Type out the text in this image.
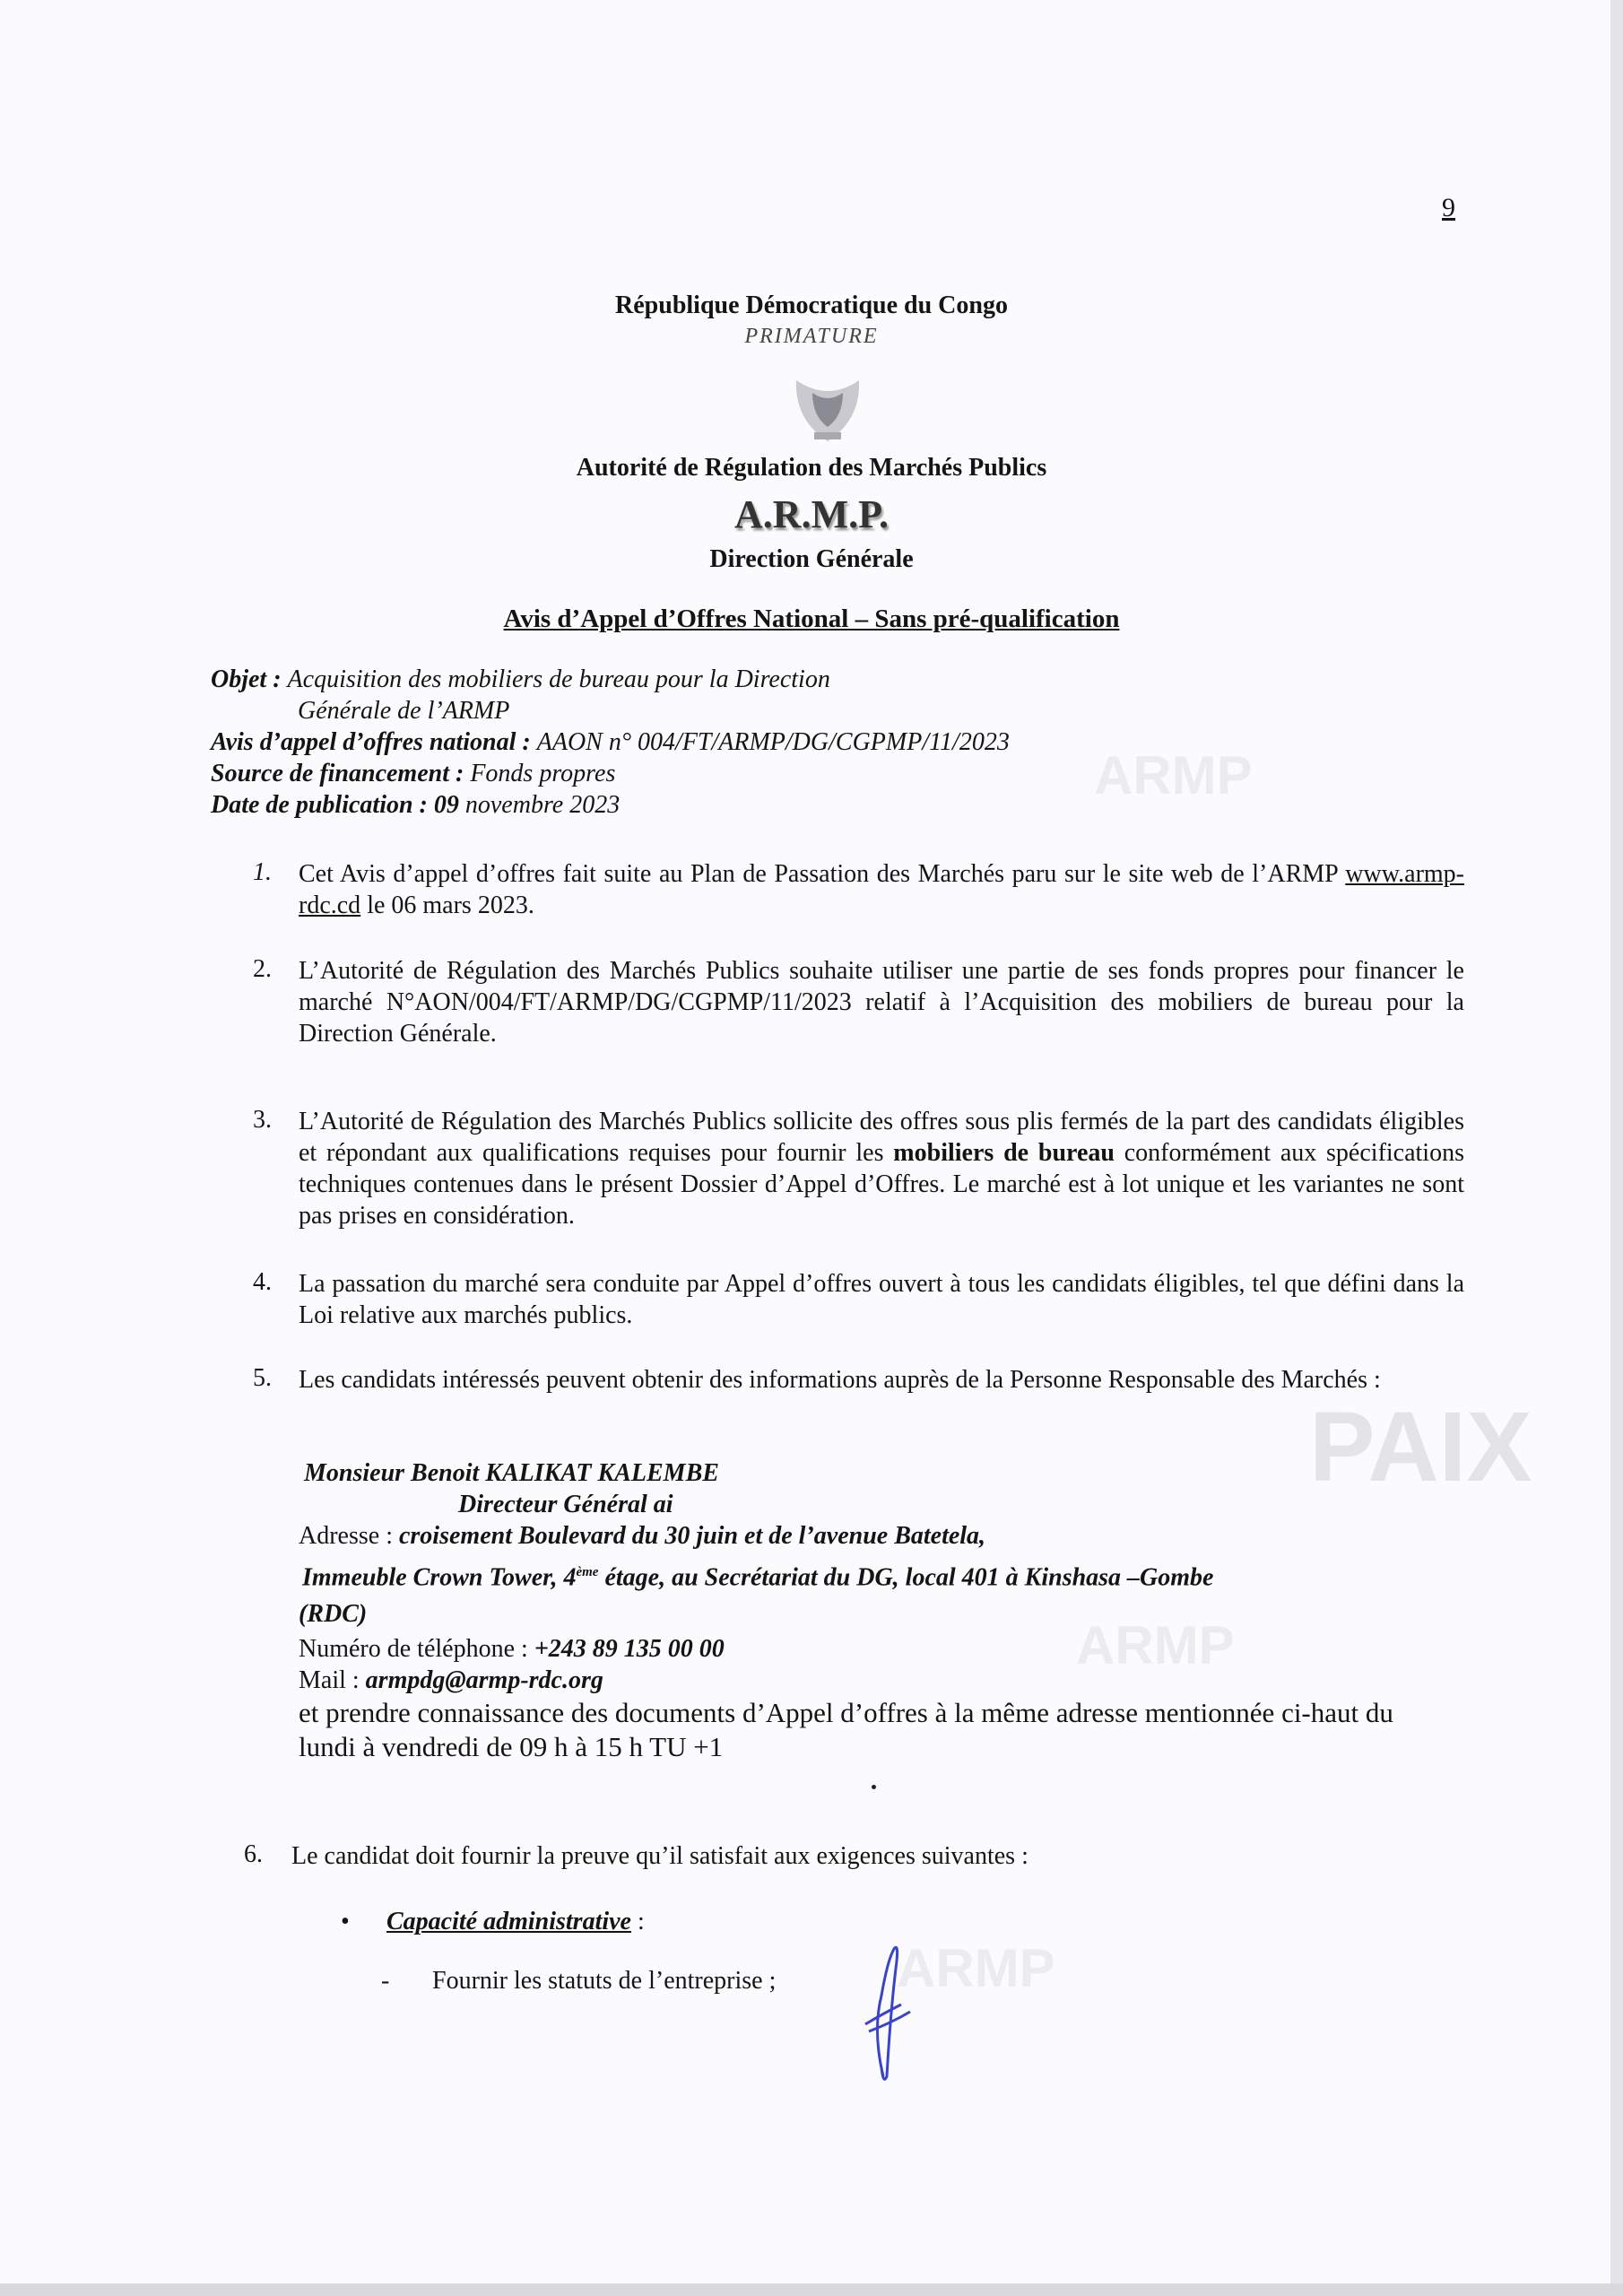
ARMP
PAIX
ARMP
ARMP
9
République Démocratique du Congo
PRIMATURE
Autorité de Régulation des Marchés Publics
A.R.M.P.
Direction Générale
Avis d’Appel d’Offres National – Sans pré-qualification
Objet : Acquisition des mobiliers de bureau pour la Direction
Générale de l’ARMP
Avis d’appel d’offres national : AAON n° 004/FT/ARMP/DG/CGPMP/11/2023
Source de financement : Fonds propres
Date de publication : 09 novembre 2023
1. Cet Avis d’appel d’offres fait suite au Plan de Passation des Marchés paru sur le site web de l’ARMP www.armp-rdc.cd le 06 mars 2023.
2. L’Autorité de Régulation des Marchés Publics souhaite utiliser une partie de ses fonds propres pour financer le marché N°AON/004/FT/ARMP/DG/CGPMP/11/2023 relatif à l’Acquisition des mobiliers de bureau pour la Direction Générale.
3. L’Autorité de Régulation des Marchés Publics sollicite des offres sous plis fermés de la part des candidats éligibles et répondant aux qualifications requises pour fournir les mobiliers de bureau conformément aux spécifications techniques contenues dans le présent Dossier d’Appel d’Offres. Le marché est à lot unique et les variantes ne sont pas prises en considération.
4. La passation du marché sera conduite par Appel d’offres ouvert à tous les candidats éligibles, tel que défini dans la Loi relative aux marchés publics.
5. Les candidats intéressés peuvent obtenir des informations auprès de la Personne Responsable des Marchés :
Monsieur Benoit KALIKAT KALEMBE
Directeur Général ai
Adresse : croisement Boulevard du 30 juin et de l’avenue Batetela,
Immeuble Crown Tower, 4ème étage, au Secrétariat du DG, local 401 à Kinshasa –Gombe
(RDC)
Numéro de téléphone : +243 89 135 00 00
Mail : armpdg@armp-rdc.org
et prendre connaissance des documents d’Appel d’offres à la même adresse mentionnée ci-haut du lundi à vendredi de 09 h à 15 h TU +1
6. Le candidat doit fournir la preuve qu’il satisfait aux exigences suivantes :
• Capacité administrative :
- Fournir les statuts de l’entreprise ;
